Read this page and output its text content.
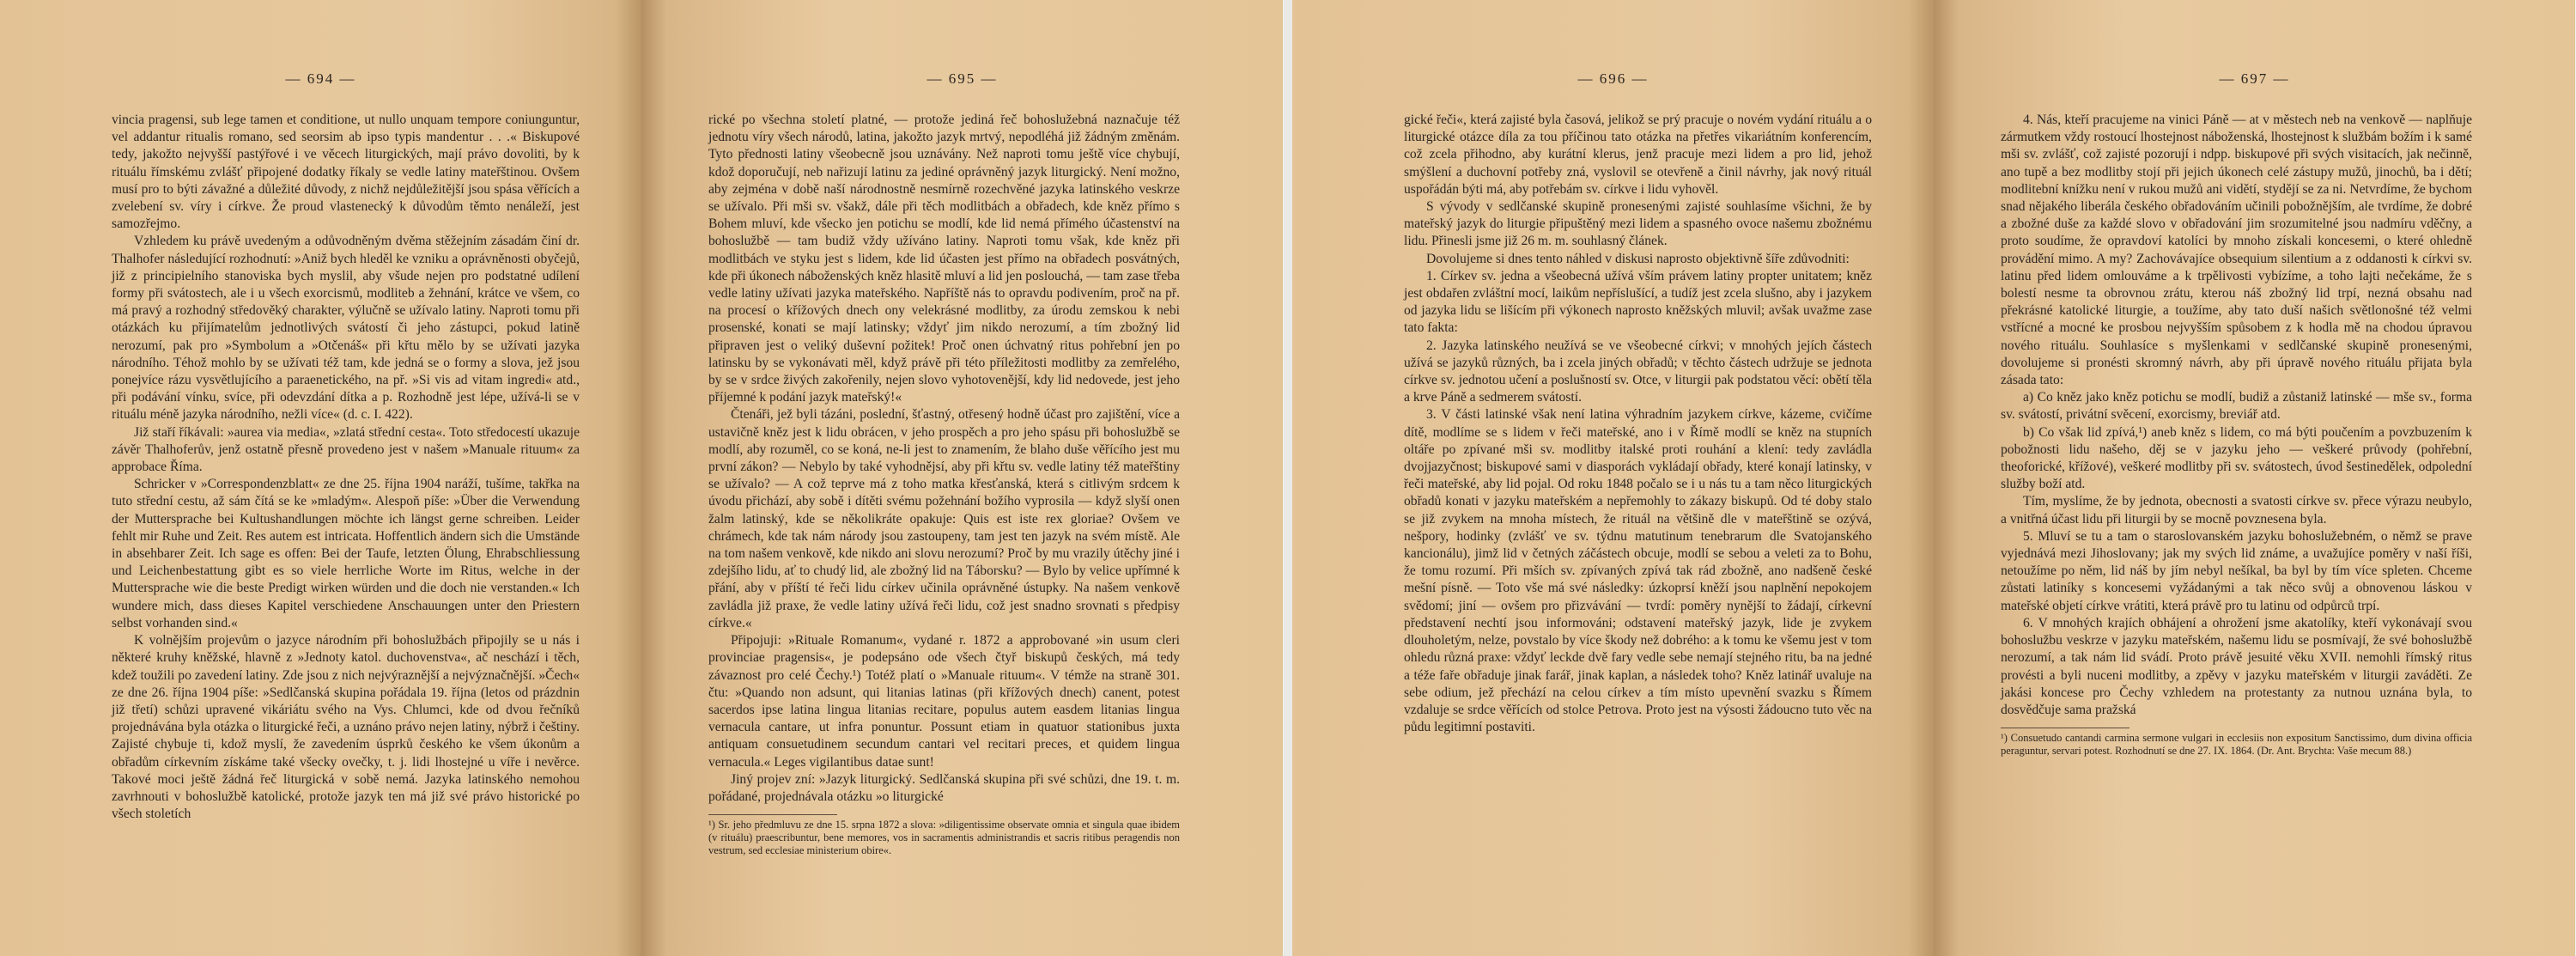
— 694 —

vincia pragensi, sub lege tamen et conditione, ut nullo unquam tempore coniunguntur, vel addantur ritualis romano, sed seorsim ab ipso typis mandentur . . .« Biskupové tedy, jakožto nejvyšší pastýřové i ve věcech liturgických, mají právo dovoliti, by k rituálu římskému zvlášť připojené dodatky říkaly se vedle latiny mateřštinou. Ovšem musí pro to býti závažné a důležité důvody, z nichž nejdůležitější jsou spása věřících a zvelebení sv. víry i církve. Že proud vlastenecký k důvodům těmto nenáleží, jest samozřejmo.

Vzhledem ku právě uvedeným a odůvodněným dvěma stěžejním zásadám činí dr. Thalhofer následující rozhodnutí: »Aniž bych hleděl ke vzniku a oprávněnosti obyčejů, již z principielního stanoviska bych myslil, aby všude nejen pro podstatné udílení formy při svátostech, ale i u všech exorcismů, modliteb a žehnání, krátce ve všem, co má pravý a rozhodný středověký charakter, výlučně se užívalo latiny. Naproti tomu při otázkách ku přijímatelům jednotlivých svátostí či jeho zástupci, pokud latině nerozumí, pak pro »Symbolum a »Otčenáš« při křtu mělo by se užívati jazyka národního. Téhož mohlo by se užívati též tam, kde jedná se o formy a slova, jež jsou ponejvíce rázu vysvětlujícího a paraenetického, na př. »Si vis ad vitam ingredi« atd., při podávání vínku, svíce, při odevzdání dítka a p. Rozhodně jest lépe, užívá-li se v rituálu méně jazyka národního, nežli více« (d. c. I. 422).

Již staří říkávali: »aurea via media«, »zlatá střední cesta«. Toto středocestí ukazuje závěr Thalhoferův, jenž ostatně přesně provedeno jest v našem »Manuale rituum« za approbace Říma.

Schricker v »Correspondenzblatt« ze dne 25. října 1904 naráží, tušíme, takřka na tuto střední cestu, až sám čítá se ke »mladým«. Alespoň píše: »Über die Verwendung der Muttersprache bei Kultushandlungen möchte ich längst gerne schreiben. Leider fehlt mir Ruhe und Zeit. Res autem est intricata. Hoffentlich ändern sich die Umstände in absehbarer Zeit. Ich sage es offen: Bei der Taufe, letzten Ölung, Ehrabschliessung und Leichenbestattung gibt es so viele herrliche Worte im Ritus, welche in der Muttersprache wie die beste Predigt wirken würden und die doch nie verstanden.« Ich wundere mich, dass dieses Kapitel verschiedene Anschauungen unter den Priestern selbst vorhanden sind.«

K volnějším projevům o jazyce národním při bohoslužbách připojily se u nás i některé kruhy kněžské, hlavně z »Jednoty katol. duchovenstva«, ač neschází i těch, kdež toužili po zavedení latiny. Zde jsou z nich nejvýraznější a nejvýznačnější. »Čech« ze dne 26. října 1904 píše: »Sedlčanská skupina pořádala 19. října (letos od prázdnin již třetí) schůzi upravené vikáriátu svého na Vys. Chlumci, kde od dvou řečníků projednávána byla otázka o liturgické řeči, a uznáno právo nejen latiny, nýbrž i češtiny. Zajisté chybuje ti, kdož myslí, že zavedením úsprků českého ke všem úkonům a obřadům církevním získáme také všecky ovečky, t. j. lidi lhostejné u víře i nevěrce. Takové moci ještě žádná řeč liturgická v sobě nemá. Jazyka latinského nemohou zavrhnouti v bohoslužbě katolické, protože jazyk ten má již své právo historické po všech stoletích

— 695 —

rické po všechna století platné, — protože jediná řeč bohoslužebná naznačuje též jednotu víry všech národů, latina, jakožto jazyk mrtvý, nepodléhá již žádným změnám. Tyto přednosti latiny všeobecně jsou uznávány. Než naproti tomu ještě více chybují, kdož doporučují, neb nařizují latinu za jediné oprávněný jazyk liturgický. Není možno, aby zejména v době naší národnostně nesmírně rozechvěné jazyka latinského veskrze se užívalo. Při mši sv. všakž, dále při těch modlitbách a obřadech, kde kněz přímo s Bohem mluví, kde všecko jen potichu se modlí, kde lid nemá přímého účastenství na bohoslužbě — tam budiž vždy užíváno latiny. Naproti tomu však, kde kněz při modlitbách ve styku jest s lidem, kde lid účasten jest přímo na obřadech posvátných, kde při úkonech náboženských kněz hlasitě mluví a lid jen poslouchá, — tam zase třeba vedle latiny užívati jazyka mateřského. Napříště nás to opravdu podivením, proč na př. na procesí o křížových dnech ony velekrásné modlitby, za úrodu zemskou k nebi prosenské, konati se mají latinsky; vždyť jim nikdo nerozumí, a tím zbožný lid připraven jest o veliký duševní požitek! Proč onen úchvatný ritus pohřební jen po latinsku by se vykonávati měl, když právě při této příležitosti modlitby za zemřelého, by se v srdce živých zakořenily, nejen slovo vyhotovenější, kdy lid nedovede, jest jeho příjemné k podání jazyk mateřský!«

Čtenáři, jež byli tázáni, poslední, šťastný, otřesený hodně účast pro zajištění, více a ustavičně kněz jest k lidu obrácen, v jeho prospěch a pro jeho spásu při bohoslužbě se modlí, aby rozuměl, co se koná, ne-li jest to znamením, že blaho duše věřícího jest mu první zákon? — Nebylo by také vyhodnějsí, aby při křtu sv. vedle latiny též mateřštiny se užívalo? — A což teprve má z toho matka křesťanská, která s citlivým srdcem k úvodu přichází, aby sobě i dítěti svému požehnání božího vyprosila — když slyší onen žalm latinský, kde se několikráte opakuje: Quis est iste rex gloriae? Ovšem ve chrámech, kde tak nám národy jsou zastoupeny, tam jest ten jazyk na svém místě. Ale na tom našem venkově, kde nikdo ani slovu nerozumí? Proč by mu vrazily útěchy jiné i zdejšího lidu, ať to chudý lid, ale zbožný lid na Táborsku? — Bylo by velice upřímné k přání, aby v příští té řeči lidu církev učinila oprávněné ústupky. Na našem venkově zavládla již praxe, že vedle latiny užívá řeči lidu, což jest snadno srovnati s předpisy církve.«

Připojuji: »Rituale Romanum«, vydané r. 1872 a approbované »in usum cleri provinciae pragensis«, je podepsáno ode všech čtyř biskupů českých, má tedy závaznost pro celé Čechy.¹) Totéž platí o »Manuale rituum«. V témže na straně 301. čtu: »Quando non adsunt, qui litanias latinas (při křížových dnech) canent, potest sacerdos ipse latina lingua litanias recitare, populus autem easdem litanias lingua vernacula cantare, ut infra ponuntur. Possunt etiam in quatuor stationibus juxta antiquam consuetudinem secundum cantari vel recitari preces, et quidem lingua vernacula.« Leges vigilantibus datae sunt!

Jiný projev zní: »Jazyk liturgický. Sedlčanská skupina při své schůzi, dne 19. t. m. pořádané, projednávala otázku »o liturgické

¹) Sr. jeho předmluvu ze dne 15. srpna 1872 a slova: »diligentissime observate omnia et singula quae ibidem (v rituálu) praescribuntur, bene memores, vos in sacramentis administrandis et sacris ritibus peragendis non vestrum, sed ecclesiae ministerium obire«.
— 696 —

gické řeči«, která zajisté byla časová, jelikož se prý pracuje o novém vydání rituálu a o liturgické otázce díla za tou příčinou tato otázka na přetřes vikariátním konferencím, což zcela přihodno, aby kurátní klerus, jenž pracuje mezi lidem a pro lid, jehož smýšlení a duchovní potřeby zná, vyslovil se otevřeně a činil návrhy, jak nový rituál uspořádán býti má, aby potřebám sv. církve i lidu vyhověl.

S vývody v sedlčanské skupině pronesenými zajisté souhlasíme všichni, že by mateřský jazyk do liturgie připuštěný mezi lidem a spasného ovoce našemu zbožnému lidu. Přinesli jsme již 26 m. m. souhlasný článek.

Dovolujeme si dnes tento náhled v diskusi naprosto objektivně šíře zdůvodniti:

1. Církev sv. jedna a všeobecná užívá vším právem latiny propter unitatem; kněz jest obdařen zvláštní mocí, laikům nepříslušící, a tudíž jest zcela slušno, aby i jazykem od jazyka lidu se lišícím při výkonech naprosto kněžských mluvil; avšak uvažme zase tato fakta:

2. Jazyka latinského neužívá se ve všeobecné církvi; v mnohých jejích částech užívá se jazyků různých, ba i zcela jiných obřadů; v těchto částech udržuje se jednota církve sv. jednotou učení a poslušností sv. Otce, v liturgii pak podstatou věcí: obětí těla a krve Páně a sedmerem svátostí.

3. V části latinské však není latina výhradním jazykem církve, kázeme, cvičíme dítě, modlíme se s lidem v řeči mateřské, ano i v Římě modlí se kněz na stupních oltáře po zpívané mši sv. modlitby italské proti rouhání a klení: tedy zavládla dvojjazyčnost; biskupové sami v diasporách vykládají obřady, které konají latinsky, v řeči mateřské, aby lid pojal. Od roku 1848 počalo se i u nás tu a tam něco liturgických obřadů konati v jazyku mateřském a nepřemohly to zákazy biskupů. Od té doby stalo se již zvykem na mnoha místech, že rituál na většině dle v mateřštině se ozývá, nešpory, hodinky (zvlášť ve sv. týdnu matutinum tenebrarum dle Svatojanského kancionálu), jimž lid v četných záčástech obcuje, modlí se sebou a veleti za to Bohu, že tomu rozumí. Při mších sv. zpívaných zpívá tak rád zbožně, ano nadšeně české mešní písně. — Toto vše má své následky: úzkoprsí kněží jsou naplnění nepokojem svědomí; jiní — ovšem pro přizvávání — tvrdí: poměry nynější to žádají, církevní představení nechtí jsou informováni; odstavení mateřský jazyk, lide je zvykem dlouholetým, nelze, povstalo by více škody než dobrého: a k tomu ke všemu jest v tom ohledu různá praxe: vždyť leckde dvě fary vedle sebe nemají stejného ritu, ba na jedné a téže faře obřaduje jinak farář, jinak kaplan, a následek toho? Kněz latinář uvaluje na sebe odium, jež přechází na celou církev a tím místo upevnění svazku s Římem vzdaluje se srdce věřících od stolce Petrova. Proto jest na výsosti žádoucno tuto věc na půdu legitimní postaviti.

— 697 —

4. Nás, kteří pracujeme na vinici Páně — at v městech neb na venkově — naplňuje zármutkem vždy rostoucí lhostejnost náboženská, lhostejnost k službám božím i k samé mši sv. zvlášť, což zajisté pozorují i ndpp. biskupové při svých visitacích, jak nečinně, ano tupě a bez modlitby stojí při jejich úkonech celé zástupy mužů, jinochů, ba i dětí; modlitební knížku není v rukou mužů ani vidětí, stydějí se za ni. Netvrdíme, že bychom snad nějakého liberála českého obřadováním učinili pobožnějším, ale tvrdíme, že dobré a zbožné duše za každé slovo v obřadování jim srozumitelné jsou nadmíru vděčny, a proto soudíme, že opravdoví katolíci by mnoho získali koncesemi, o které ohledně provádění mimo. A my? Zachovávajíce obsequium silentium a z oddanosti k církvi sv. latinu před lidem omlouváme a k trpělivosti vybízíme, a toho lajti nečekáme, že s bolestí nesme ta obrovnou zrátu, kterou náš zbožný lid trpí, nezná obsahu nad překrásné katolické liturgie, a toužíme, aby tato duší našich světlonošné též velmi vstřícné a mocné ke prosbou nejvyšším spůsobem z k hodla mě na chodou úpravou nového rituálu. Souhlasíce s myšlenkami v sedlčanské skupině pronesenými, dovolujeme si pronésti skromný návrh, aby při úpravě nového rituálu přijata byla zásada tato:

a) Co kněz jako kněz potichu se modlí, budiž a zůstaniž latinské — mše sv., forma sv. svátostí, privátní svěcení, exorcismy, breviář atd.

b) Co však lid zpívá,¹) aneb kněz s lidem, co má býti poučením a povzbuzením k pobožnosti lidu našeho, děj se v jazyku jeho — veškeré průvody (pohřební, theoforické, křížové), veškeré modlitby při sv. svátostech, úvod šestinedělek, odpolední služby boží atd.

Tím, myslíme, že by jednota, obecnosti a svatosti církve sv. přece výrazu neubylo, a vnitřná účast lidu při liturgii by se mocně povznesena byla.

5. Mluví se tu a tam o staroslovanském jazyku bohoslužebném, o němž se prave vyjednává mezi Jihoslovany; jak my svých lid známe, a uvažujíce poměry v naší říši, netoužíme po něm, lid náš by jím nebyl nešíkal, ba byl by tím více spleten. Chceme zůstati latiníky s koncesemi vyžádanými a tak něco svůj a obnovenou láskou v mateřské objetí církve vrátiti, která právě pro tu latinu od odpůrců trpí.

6. V mnohých krajích obhájení a ohrožení jsme akatolíky, kteří vykonávají svou bohoslužbu veskrze v jazyku mateřském, našemu lidu se posmívají, že své bohoslužbě nerozumí, a tak nám lid svádí. Proto právě jesuité věku XVII. nemohli římský ritus provésti a byli nuceni modlitby, a zpěvy v jazyku mateřském v liturgii zaváděti. Ze jakási koncese pro Čechy vzhledem na protestanty za nutnou uznána byla, to dosvědčuje sama pražská

¹) Consuetudo cantandi carmina sermone vulgari in ecclesiis non expositum Sanctissimo, dum divina officia peraguntur, servari potest. Rozhodnutí se dne 27. IX. 1864. (Dr. Ant. Brychta: Vaše mecum 88.)
